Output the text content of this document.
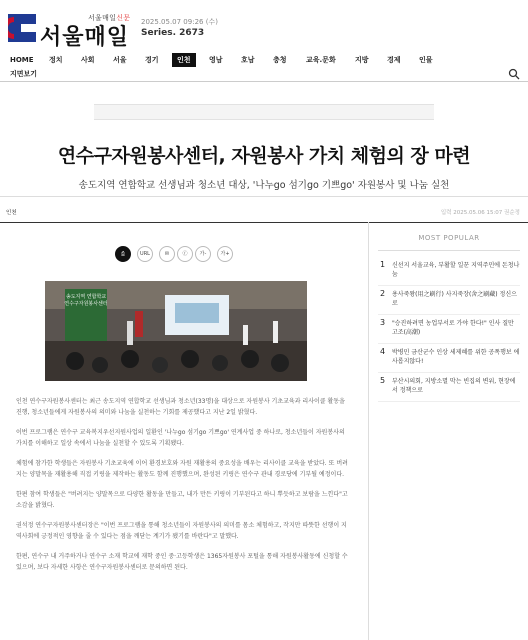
서울매일신문
서울매일
2025.05.07 09:26 (수)
Series. 2673
HOME 정치	사회	서울	경기	인천	영남	호남	충청	교육.문화	지방	경제	인물
지면보기
연수구자원봉사센터, 자원봉사 가치 체험의 장 마련
송도지역 연합학교 선생님과 청소년 대상, '나누go 섬기go 기쁘go' 자원봉사 및 나눔 실천
인천	입력 2025.05.06 15:07 권순정
⎙	URL	✉	ⓕ	가-	가+
송도지역 연합학교
연수구자원봉사센터

인천 연수구자원봉사센터는 최근 송도지역 연합학교 선생님과 청소년(33명)을 대상으로 자원봉사 기초교육과 리사이클 활동을 진행, 청소년들에게 자원봉사의 의미와 나눔을 실천하는 기회를 제공했다고 지난 2일 밝혔다.

이번 프로그램은 연수구 교육복지우선지원사업의 일환인 '나누go 섬기go 기쁘go' 연계사업 중 하나로, 청소년들이 자원봉사의 가치를 이해하고 일상 속에서 나눔을 실천할 수 있도록 기획됐다.

체험에 참가한 학생들은 자원봉사 기초교육에 이어 환경보호와 자원 재활용의 중요성을 배우는 리사이클 교육을 받았다. 또 버려지는 양말목을 재활용해 직접 키링을 제작하는 활동도 함께 진행했으며, 완성된 키링은 연수구 관내 경로당에 기부될 예정이다.

한편 참여 학생들은 "버려지는 양말목으로 다양한 활동을 만들고, 내가 만든 키링이 기부된다고 하니 뿌듯하고 보람을 느낀다"고 소감을 밝혔다.

권석정 연수구자원봉사센터장은 "이번 프로그램을 통해 청소년들이 자원봉사의 의미를 몸소 체험하고, 작지만 따뜻한 선행이 지역사회에 긍정적인 영향을 줄 수 있다는 점을 깨닫는 계기가 됐기를 바란다"고 말했다.

한편, 연수구 내 거주하거나 연수구 소재 학교에 재학 중인 중·고등학생은 1365자원봉사 포털을 통해 자원봉사활동에 신청할 수 있으며, 보다 자세한 사항은 연수구자원봉사센터로 문의하면 된다.

MOST POPULAR
1 신선지 서울교육, 부활할 일꾼 지역주민에 돈청나눔
2 용사죽왕(用之刷行) 사지죽장(舍之刷藏) 정신으로
3 "승진하려면 농업부서로 가야 한다!" 인사 질만 고조(高潮)
4 박병민 금산군수 인상 세제혜를 위한 공폭행보 에사롭지않다!
5 부산시의회, 지방소멸 막는 빈집의 변위, 현장에서 정책으로
